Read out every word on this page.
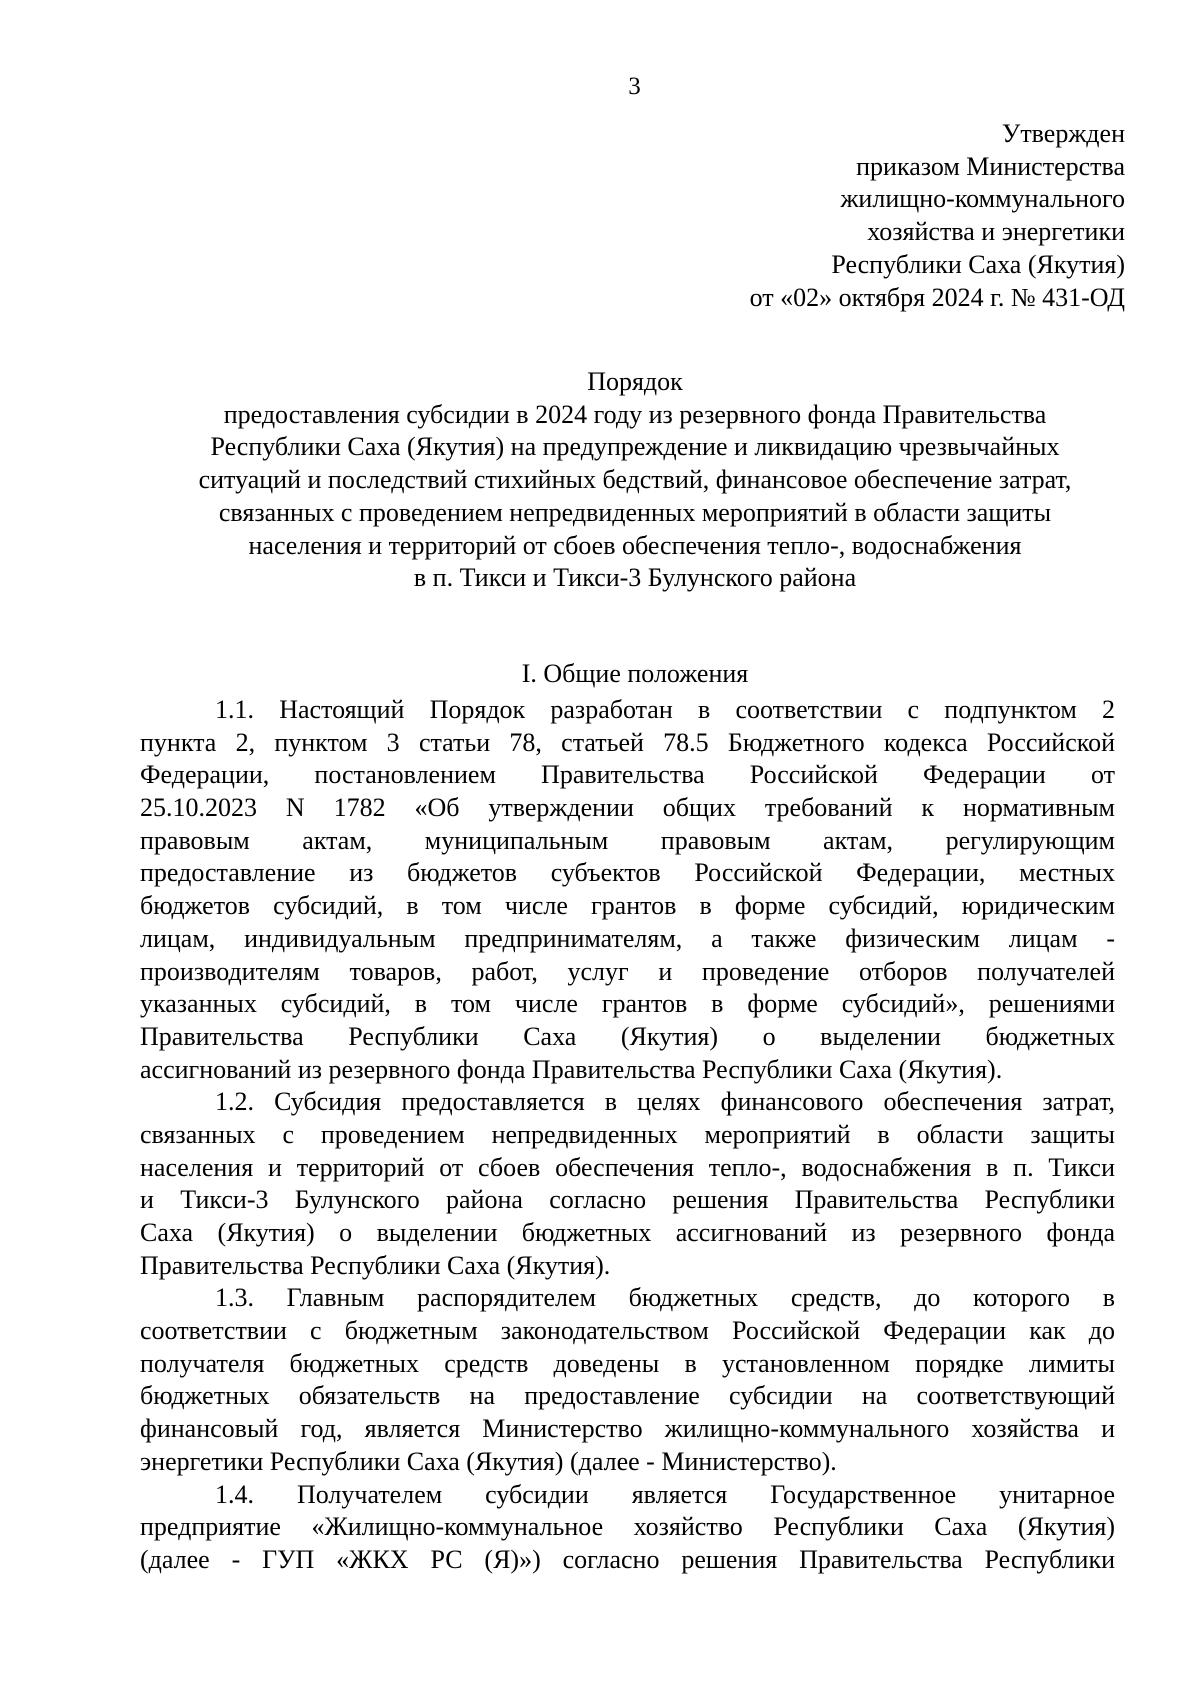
3
Утвержден
приказом Министерства
жилищно-коммунального
хозяйства и энергетики
Республики Саха (Якутия)
от «02» октября 2024 г. № 431-ОД
Порядок
предоставления субсидии в 2024 году из резервного фонда Правительства
Республики Саха (Якутия) на предупреждение и ликвидацию чрезвычайных
ситуаций и последствий стихийных бедствий, финансовое обеспечение затрат,
связанных с проведением непредвиденных мероприятий в области защиты
населения и территорий от сбоев обеспечения тепло-, водоснабжения
в п. Тикси и Тикси-3 Булунского района
I. Общие положения
1.1. Настоящий Порядок разработан в соответствии с подпунктом 2
пункта 2, пунктом 3 статьи 78, статьей 78.5 Бюджетного кодекса Российской
Федерации, постановлением Правительства Российской Федерации от
25.10.2023 N 1782 «Об утверждении общих требований к нормативным
правовым актам, муниципальным правовым актам, регулирующим
предоставление из бюджетов субъектов Российской Федерации, местных
бюджетов субсидий, в том числе грантов в форме субсидий, юридическим
лицам, индивидуальным предпринимателям, а также физическим лицам -
производителям товаров, работ, услуг и проведение отборов получателей
указанных субсидий, в том числе грантов в форме субсидий», решениями
Правительства Республики Саха (Якутия) о выделении бюджетных
ассигнований из резервного фонда Правительства Республики Саха (Якутия).
1.2. Субсидия предоставляется в целях финансового обеспечения затрат,
связанных с проведением непредвиденных мероприятий в области защиты
населения и территорий от сбоев обеспечения тепло-, водоснабжения в п. Тикси
и Тикси-3 Булунского района согласно решения Правительства Республики
Саха (Якутия) о выделении бюджетных ассигнований из резервного фонда
Правительства Республики Саха (Якутия).
1.3. Главным распорядителем бюджетных средств, до которого в
соответствии с бюджетным законодательством Российской Федерации как до
получателя бюджетных средств доведены в установленном порядке лимиты
бюджетных обязательств на предоставление субсидии на соответствующий
финансовый год, является Министерство жилищно-коммунального хозяйства и
энергетики Республики Саха (Якутия) (далее - Министерство).
1.4. Получателем субсидии является Государственное унитарное
предприятие «Жилищно-коммунальное хозяйство Республики Саха (Якутия)
(далее - ГУП «ЖКХ РС (Я)») согласно решения Правительства Республики
